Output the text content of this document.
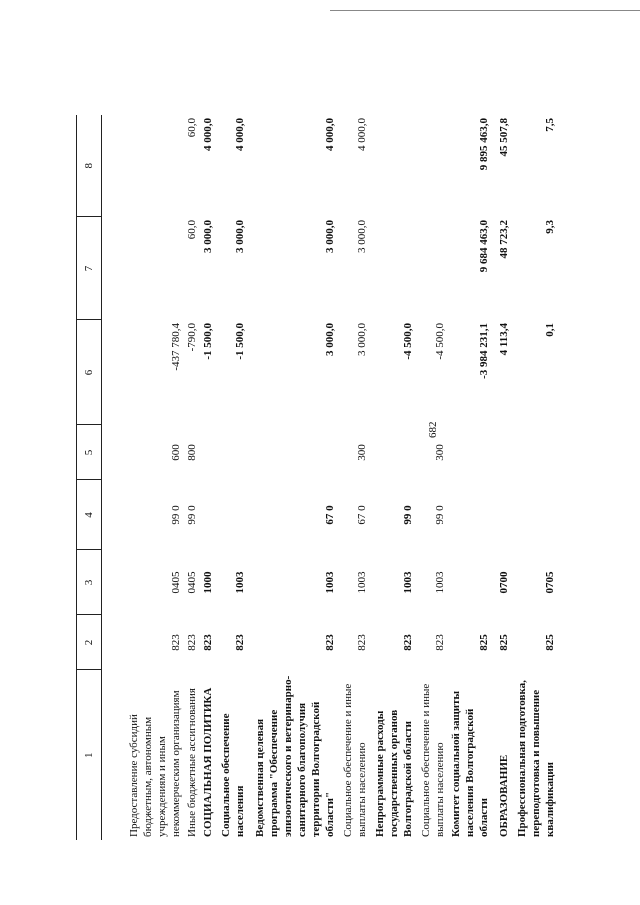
682
1	2	3	4	5	6	7	8
Предоставление субсидий бюджетным, автономным учреждениям и иным некоммерческим организациям	823	0405	99 0	600	-437 780,4		
Иные бюджетные ассигнования	823	0405	99 0	800	-790,0	60,0	60,0
СОЦИАЛЬНАЯ ПОЛИТИКА	823	1000			-1 500,0	3 000,0	4 000,0
Социальное обеспечение населения	823	1003			-1 500,0	3 000,0	4 000,0
Ведомственная целевая программа "Обеспечение эпизоотического и ветеринарно-санитарного благополучия территории Волгоградской области"	823	1003	67 0		3 000,0	3 000,0	4 000,0
Социальное обеспечение и иные выплаты населению	823	1003	67 0	300	3 000,0	3 000,0	4 000,0
Непрограммные расходы государственных органов Волгоградской области	823	1003	99 0		-4 500,0		
Социальное обеспечение и иные выплаты населению	823	1003	99 0	300	-4 500,0		
Комитет социальной защиты населения Волгоградской области	825				-3 984 231,1	9 684 463,0	9 895 463,0
ОБРАЗОВАНИЕ	825	0700			4 113,4	48 723,2	45 507,8
Профессиональная подготовка, переподготовка и повышение квалификации	825	0705			0,1	9,3	7,5
